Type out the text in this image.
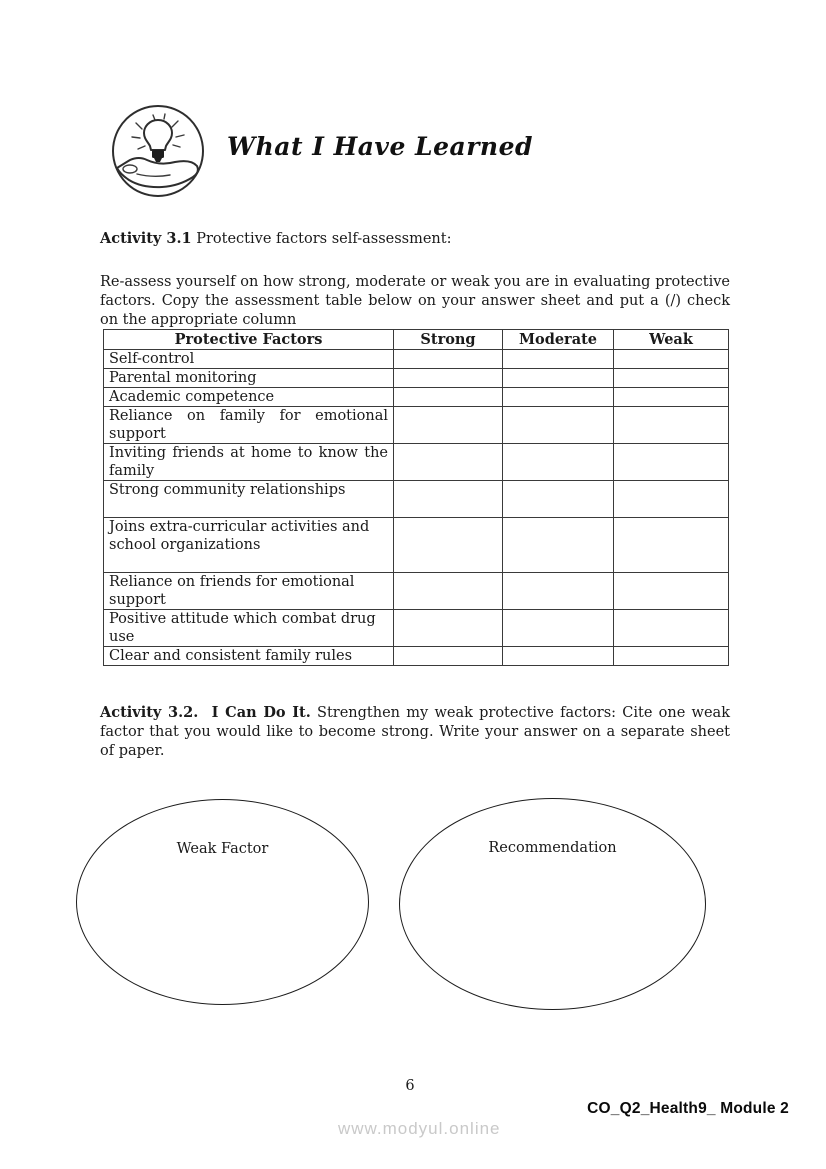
What I Have Learned
Activity 3.1 Protective factors self-assessment:

Re-assess yourself on how strong, moderate or weak you are in evaluating protective factors. Copy the assessment table below on your answer sheet and put a (/) check on the appropriate column

Protective Factors	Strong	Moderate	Weak
Self-control			
Parental monitoring			
Academic competence			
Reliance on family for emotional support			
Inviting friends at home to know the family			
Strong community relationships			
Joins extra-curricular activities and school organizations			
Reliance on friends for emotional support			
Positive attitude which combat drug use			
Clear and consistent family rules			

Activity 3.2.  I Can Do It. Strengthen my weak protective factors: Cite one weak factor that you would like to become strong. Write your answer on a separate sheet of paper.

Weak Factor	Recommendation
6
CO_Q2_Health9_ Module 2
www.modyul.online
